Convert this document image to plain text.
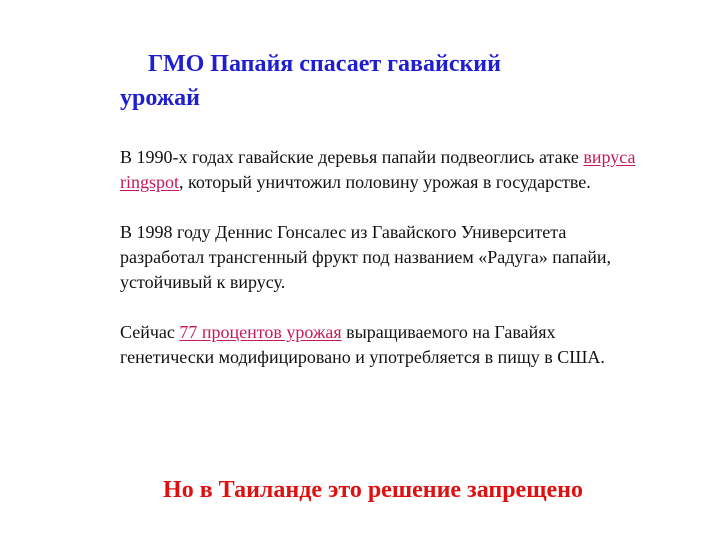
ГМО Папайя спасает гавайский урожай

В 1990-х годах гавайские деревья папайи подвеоглись атаке вируса ringspot, который уничтожил половину урожая в государстве.

В 1998 году Деннис Гонсалес из Гавайского Университета разработал трансгенный фрукт под названием «Радуга» папайи, устойчивый к вирусу.

Сейчас 77 процентов урожая выращиваемого на Гавайях генетически модифицировано и употребляется в пищу в США.

Но в Таиланде это решение запрещено
